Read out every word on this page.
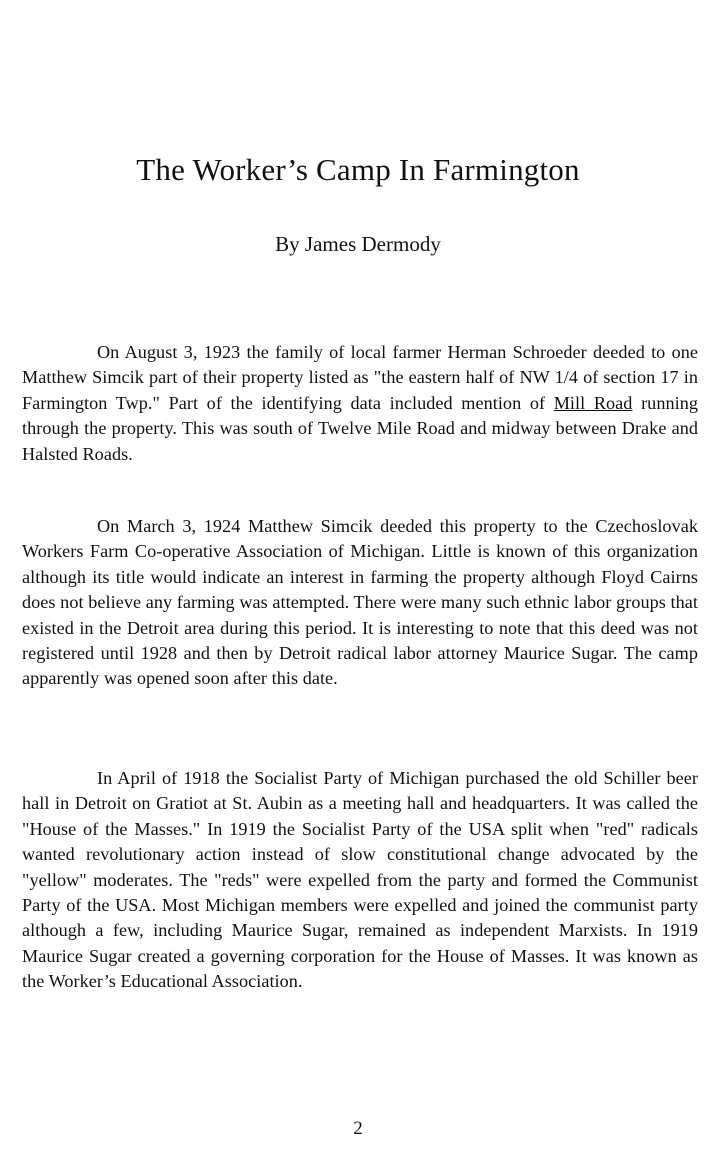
The Worker’s Camp In Farmington

By James Dermody

On August 3, 1923 the family of local farmer Herman Schroeder deeded to one Matthew Simcik part of their property listed as "the eastern half of NW 1/4 of section 17 in Farmington Twp." Part of the identifying data included mention of Mill Road running through the property. This was south of Twelve Mile Road and midway between Drake and Halsted Roads.

On March 3, 1924 Matthew Simcik deeded this property to the Czechoslovak Workers Farm Co-operative Association of Michigan. Little is known of this organization although its title would indicate an interest in farming the property although Floyd Cairns does not believe any farming was attempted. There were many such ethnic labor groups that existed in the Detroit area during this period. It is interesting to note that this deed was not registered until 1928 and then by Detroit radical labor attorney Maurice Sugar. The camp apparently was opened soon after this date.

In April of 1918 the Socialist Party of Michigan purchased the old Schiller beer hall in Detroit on Gratiot at St. Aubin as a meeting hall and headquarters. It was called the "House of the Masses." In 1919 the Socialist Party of the USA split when "red" radicals wanted revolutionary action instead of slow constitutional change advocated by the "yellow" moderates. The "reds" were expelled from the party and formed the Communist Party of the USA. Most Michigan members were expelled and joined the communist party although a few, including Maurice Sugar, remained as independent Marxists. In 1919 Maurice Sugar created a governing corporation for the House of Masses. It was known as the Worker’s Educational Association.

2
